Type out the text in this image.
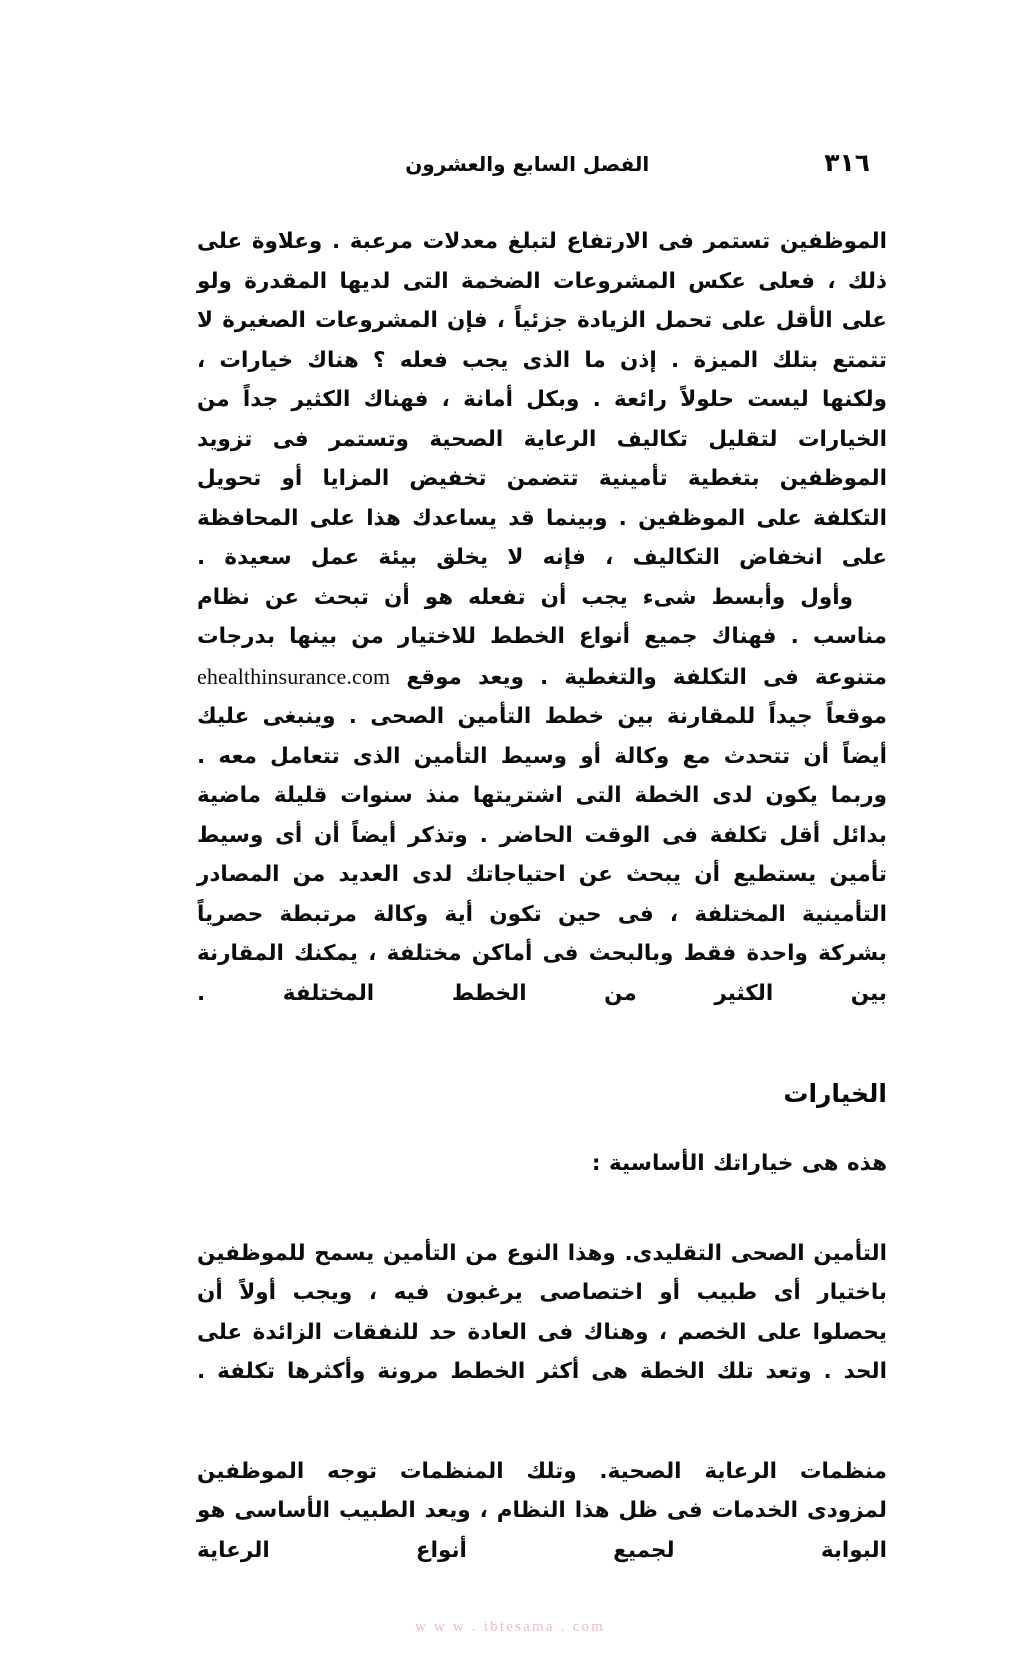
٣١٦
الفصل السابع والعشرون

الموظفين تستمر فى الارتفاع لتبلغ معدلات مرعبة . وعلاوة على ذلك ، فعلى عكس المشروعات الضخمة التى لديها المقدرة ولو على الأقل على تحمل الزيادة جزئياً ، فإن المشروعات الصغيرة لا تتمتع بتلك الميزة . إذن ما الذى يجب فعله ؟ هناك خيارات ، ولكنها ليست حلولاً رائعة . وبكل أمانة ، فهناك الكثير جداً من الخيارات لتقليل تكاليف الرعاية الصحية وتستمر فى تزويد الموظفين بتغطية تأمينية تتضمن تخفيض المزايا أو تحويل التكلفة على الموظفين . وبينما قد يساعدك هذا على المحافظة على انخفاض التكاليف ، فإنه لا يخلق بيئة عمل سعيدة .

وأول وأبسط شىء يجب أن تفعله هو أن تبحث عن نظام مناسب . فهناك جميع أنواع الخطط للاختيار من بينها بدرجات متنوعة فى التكلفة والتغطية . ويعد موقع ehealthinsurance.com موقعاً جيداً للمقارنة بين خطط التأمين الصحى . وينبغى عليك أيضاً أن تتحدث مع وكالة أو وسيط التأمين الذى تتعامل معه . وربما يكون لدى الخطة التى اشتريتها منذ سنوات قليلة ماضية بدائل أقل تكلفة فى الوقت الحاضر . وتذكر أيضاً أن أى وسيط تأمين يستطيع أن يبحث عن احتياجاتك لدى العديد من المصادر التأمينية المختلفة ، فى حين تكون أية وكالة مرتبطة حصرياً بشركة واحدة فقط وبالبحث فى أماكن مختلفة ، يمكنك المقارنة بين الكثير من الخطط المختلفة .

الخيارات

هذه هى خياراتك الأساسية :

التأمين الصحى التقليدى. وهذا النوع من التأمين يسمح للموظفين باختيار أى طبيب أو اختصاصى يرغبون فيه ، ويجب أولاً أن يحصلوا على الخصم ، وهناك فى العادة حد للنفقات الزائدة على الحد . وتعد تلك الخطة هى أكثر الخطط مرونة وأكثرها تكلفة .

منظمات الرعاية الصحية. وتلك المنظمات توجه الموظفين لمزودى الخدمات فى ظل هذا النظام ، ويعد الطبيب الأساسى هو البوابة لجميع أنواع الرعاية

w w w . ibtesama . com
